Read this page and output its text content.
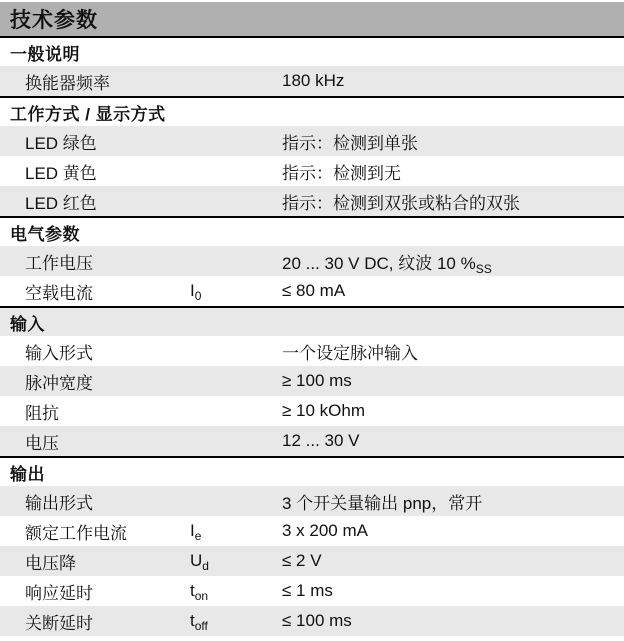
技术参数
一般说明
换能器频率	180 kHz
工作方式 / 显示方式
LED 绿色	指示：检测到单张
LED 黄色	指示：检测到无
LED 红色	指示：检测到双张或粘合的双张
电气参数
工作电压	20 ... 30 V DC, 纹波 10 $\%_{SS}$
空载电流	$I_0$	≤ 80 mA
输入
输入形式	一个设定脉冲输入
脉冲宽度	≥ 100 ms
阻抗	≥ 10 kOhm
电压	12 ... 30 V
输出
输出形式	3 个开关量输出 pnp，常开
额定工作电流	$I_e$	3 x 200 mA
电压降	$U_d$	≤ 2 V
响应延时	$t_{on}$	≤ 1 ms
关断延时	$t_{off}$	≤ 100 ms
